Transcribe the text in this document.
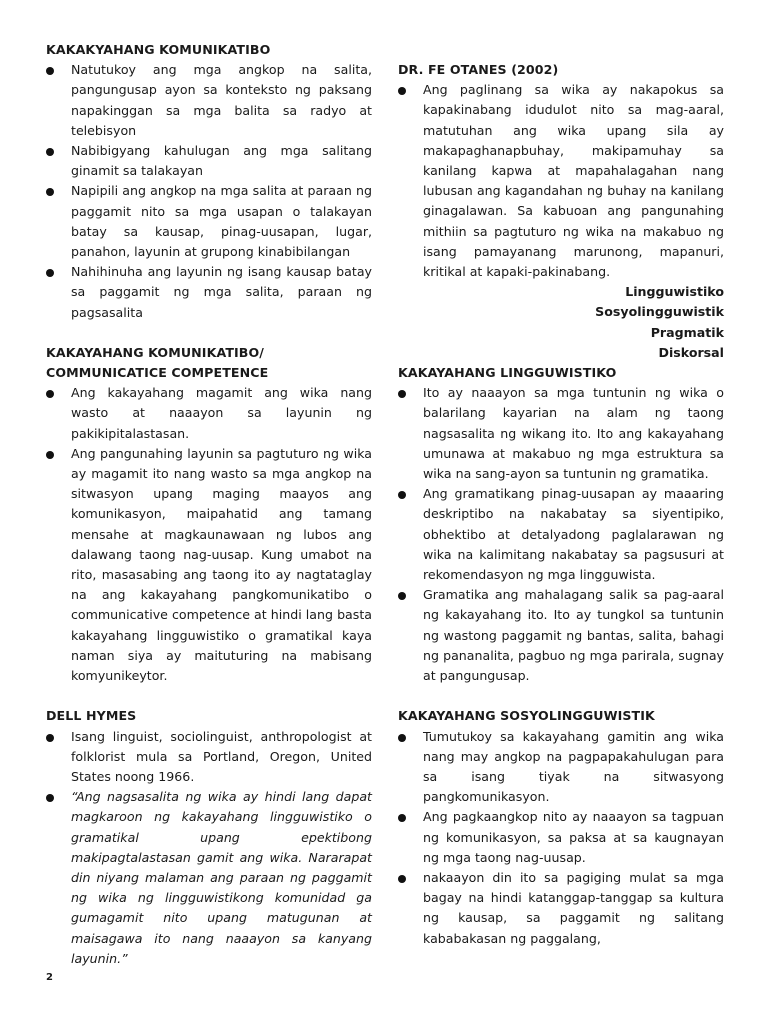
KAKAKYAHANG KOMUNIKATIBO
Natutukoy ang mga angkop na salita, pangungusap ayon sa konteksto ng paksang napakinggan sa mga balita sa radyo at telebisyon
Nabibigyang kahulugan ang mga salitang ginamit sa talakayan
Napipili ang angkop na mga salita at paraan ng paggamit nito sa mga usapan o talakayan batay sa kausap, pinag-uusapan, lugar, panahon, layunin at grupong kinabibilangan
Nahihinuha ang layunin ng isang kausap batay sa paggamit ng mga salita, paraan ng pagsasalita
KAKAYAHANG KOMUNIKATIBO/
COMMUNICATICE COMPETENCE
Ang kakayahang magamit ang wika nang wasto at naaayon sa layunin ng pakikipitalastasan.
Ang pangunahing layunin sa pagtuturo ng wika ay magamit ito nang wasto sa mga angkop na sitwasyon upang maging maayos ang komunikasyon, maipahatid ang tamang mensahe at magkaunawaan ng lubos ang dalawang taong nag-uusap. Kung umabot na rito, masasabing ang taong ito ay nagtataglay na ang kakayahang pangkomunikatibo o communicative competence at hindi lang basta kakayahang lingguwistiko o gramatikal kaya naman siya ay maituturing na mabisang komyunikeytor.
DELL HYMES
Isang linguist, sociolinguist, anthropologist at folklorist mula sa Portland, Oregon, United States noong 1966.
“Ang nagsasalita ng wika ay hindi lang dapat magkaroon ng kakayahang lingguwistiko o gramatikal upang epektibong makipagtalastasan gamit ang wika. Nararapat din niyang malaman ang paraan ng paggamit ng wika ng lingguwistikong komunidad ga gumagamit nito upang matugunan at maisagawa ito nang naaayon sa kanyang layunin.”
DR. FE OTANES (2002)
Ang paglinang sa wika ay nakapokus sa kapakinabang idudulot nito sa mag-aaral, matutuhan ang wika upang sila ay makapaghanapbuhay, makipamuhay sa kanilang kapwa at mapahalagahan nang lubusan ang kagandahan ng buhay na kanilang ginagalawan. Sa kabuoan ang pangunahing mithiin sa pagtuturo ng wika na makabuo ng isang pamayanang marunong, mapanuri, kritikal at kapaki-pakinabang.
Lingguwistiko
Sosyolingguwistik
Pragmatik
Diskorsal
KAKAYAHANG LINGGUWISTIKO
Ito ay naaayon sa mga tuntunin ng wika o balarilang kayarian na alam ng taong nagsasalita ng wikang ito. Ito ang kakayahang umunawa at makabuo ng mga estruktura sa wika na sang-ayon sa tuntunin ng gramatika.
Ang gramatikang pinag-uusapan ay maaaring deskriptibo na nakabatay sa siyentipiko, obhektibo at detalyadong paglalarawan ng wika na kalimitang nakabatay sa pagsusuri at rekomendasyon ng mga lingguwista.
Gramatika ang mahalagang salik sa pag-aaral ng kakayahang ito. Ito ay tungkol sa tuntunin ng wastong paggamit ng bantas, salita, bahagi ng pananalita, pagbuo ng mga parirala, sugnay at pangungusap.
KAKAYAHANG SOSYOLINGGUWISTIK
Tumutukoy sa kakayahang gamitin ang wika nang may angkop na pagpapakahulugan para sa isang tiyak na sitwasyong pangkomunikasyon.
Ang pagkaangkop nito ay naaayon sa tagpuan ng komunikasyon, sa paksa at sa kaugnayan ng mga taong nag-uusap.
nakaayon din ito sa pagiging mulat sa mga bagay na hindi katanggap-tanggap sa kultura ng kausap, sa paggamit ng salitang kababakasan ng paggalang,
2
